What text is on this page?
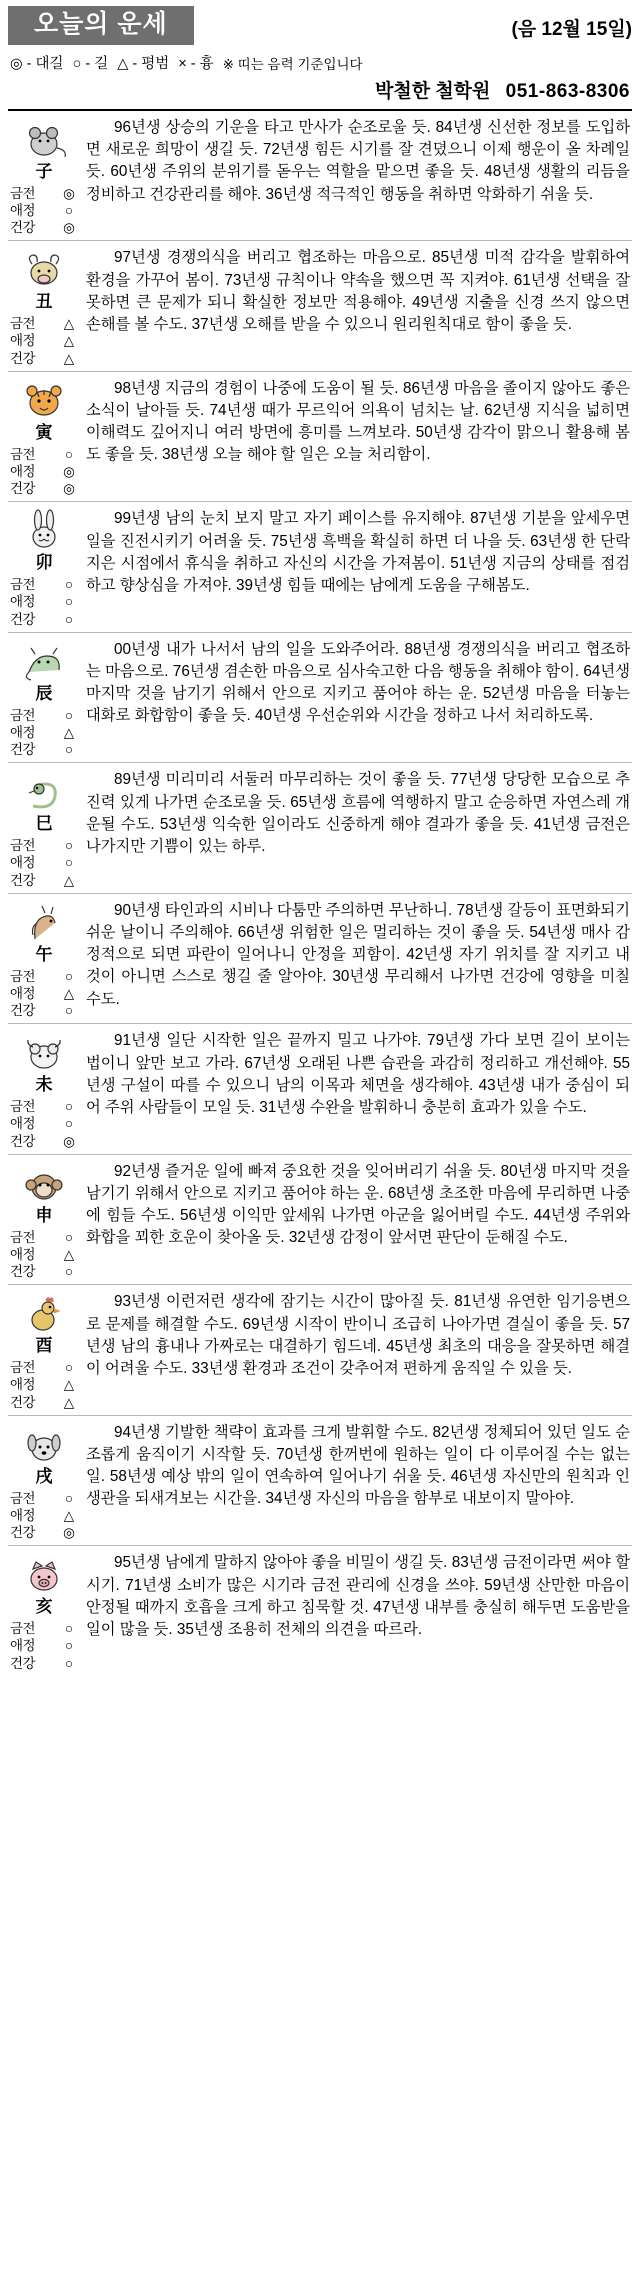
오늘의 운세	(음 12월 15일)
◎ - 대길 ○ - 길 △ - 평범 × - 흉 ※ 띠는 음력 기준입니다
박철한 철학원 051-863-8306
子
금전 ◎
애정 ○
건강 ◎
96년생 상승의 기운을 타고 만사가 순조로울 듯. 84년생 신선한 정보를 도입하면 새로운 희망이 생길 듯. 72년생 힘든 시기를 잘 견뎠으니 이제 행운이 올 차례일 듯. 60년생 주위의 분위기를 돋우는 역할을 맡으면 좋을 듯. 48년생 생활의 리듬을 정비하고 건강관리를 해야. 36년생 적극적인 행동을 취하면 악화하기 쉬울 듯.
丑
금전 △
애정 △
건강 △
97년생 경쟁의식을 버리고 협조하는 마음으로. 85년생 미적 감각을 발휘하여 환경을 가꾸어 봄이. 73년생 규칙이나 약속을 했으면 꼭 지켜야. 61년생 선택을 잘못하면 큰 문제가 되니 확실한 정보만 적용해야. 49년생 지출을 신경 쓰지 않으면 손해를 볼 수도. 37년생 오해를 받을 수 있으니 원리원칙대로 함이 좋을 듯.
寅
금전 ○
애정 ◎
건강 ◎
98년생 지금의 경험이 나중에 도움이 될 듯. 86년생 마음을 졸이지 않아도 좋은 소식이 날아들 듯. 74년생 때가 무르익어 의욕이 넘치는 날. 62년생 지식을 넓히면 이해력도 깊어지니 여러 방면에 흥미를 느껴보라. 50년생 감각이 맑으니 활용해 봄도 좋을 듯. 38년생 오늘 해야 할 일은 오늘 처리함이.
卯
금전 ○
애정 ○
건강 ○
99년생 남의 눈치 보지 말고 자기 페이스를 유지해야. 87년생 기분을 앞세우면 일을 진전시키기 어려울 듯. 75년생 흑백을 확실히 하면 더 나을 듯. 63년생 한 단락 지은 시점에서 휴식을 취하고 자신의 시간을 가져봄이. 51년생 지금의 상태를 점검하고 향상심을 가져야. 39년생 힘들 때에는 남에게 도움을 구해봄도.
辰
금전 ○
애정 △
건강 ○
00년생 내가 나서서 남의 일을 도와주어라. 88년생 경쟁의식을 버리고 협조하는 마음으로. 76년생 겸손한 마음으로 심사숙고한 다음 행동을 취해야 함이. 64년생 마지막 것을 남기기 위해서 안으로 지키고 품어야 하는 운. 52년생 마음을 터놓는 대화로 화합함이 좋을 듯. 40년생 우선순위와 시간을 정하고 나서 처리하도록.
巳
금전 ○
애정 ○
건강 △
89년생 미리미리 서둘러 마무리하는 것이 좋을 듯. 77년생 당당한 모습으로 추진력 있게 나가면 순조로울 듯. 65년생 흐름에 역행하지 말고 순응하면 자연스레 개운될 수도. 53년생 익숙한 일이라도 신중하게 해야 결과가 좋을 듯. 41년생 금전은 나가지만 기쁨이 있는 하루.
午
금전 ○
애정 △
건강 ○
90년생 타인과의 시비나 다툼만 주의하면 무난하니. 78년생 갈등이 표면화되기 쉬운 날이니 주의해야. 66년생 위험한 일은 멀리하는 것이 좋을 듯. 54년생 매사 감정적으로 되면 파란이 일어나니 안정을 꾀함이. 42년생 자기 위치를 잘 지키고 내 것이 아니면 스스로 챙길 줄 알아야. 30년생 무리해서 나가면 건강에 영향을 미칠 수도.
未
금전 ○
애정 ○
건강 ◎
91년생 일단 시작한 일은 끝까지 밀고 나가야. 79년생 가다 보면 길이 보이는 법이니 앞만 보고 가라. 67년생 오래된 나쁜 습관을 과감히 정리하고 개선해야. 55년생 구설이 따를 수 있으니 남의 이목과 체면을 생각해야. 43년생 내가 중심이 되어 주위 사람들이 모일 듯. 31년생 수완을 발휘하니 충분히 효과가 있을 수도.
申
금전 ○
애정 △
건강 ○
92년생 즐거운 일에 빠져 중요한 것을 잊어버리기 쉬울 듯. 80년생 마지막 것을 남기기 위해서 안으로 지키고 품어야 하는 운. 68년생 초조한 마음에 무리하면 나중에 힘들 수도. 56년생 이익만 앞세워 나가면 아군을 잃어버릴 수도. 44년생 주위와 화합을 꾀한 호운이 찾아올 듯. 32년생 감정이 앞서면 판단이 둔해질 수도.
酉
금전 ○
애정 △
건강 △
93년생 이런저런 생각에 잠기는 시간이 많아질 듯. 81년생 유연한 임기응변으로 문제를 해결할 수도. 69년생 시작이 반이니 조급히 나아가면 결실이 좋을 듯. 57년생 남의 흉내나 가짜로는 대결하기 힘드네. 45년생 최초의 대응을 잘못하면 해결이 어려울 수도. 33년생 환경과 조건이 갖추어져 편하게 움직일 수 있을 듯.
戌
금전 ○
애정 △
건강 ◎
94년생 기발한 책략이 효과를 크게 발휘할 수도. 82년생 정체되어 있던 일도 순조롭게 움직이기 시작할 듯. 70년생 한꺼번에 원하는 일이 다 이루어질 수는 없는 일. 58년생 예상 밖의 일이 연속하여 일어나기 쉬울 듯. 46년생 자신만의 원칙과 인생관을 되새겨보는 시간을. 34년생 자신의 마음을 함부로 내보이지 말아야.
亥
금전 ○
애정 ○
건강 ○
95년생 남에게 말하지 않아야 좋을 비밀이 생길 듯. 83년생 금전이라면 써야 할 시기. 71년생 소비가 많은 시기라 금전 관리에 신경을 쓰야. 59년생 산만한 마음이 안정될 때까지 호흡을 크게 하고 침묵할 것. 47년생 내부를 충실히 해두면 도움받을 일이 많을 듯. 35년생 조용히 전체의 의견을 따르라.
